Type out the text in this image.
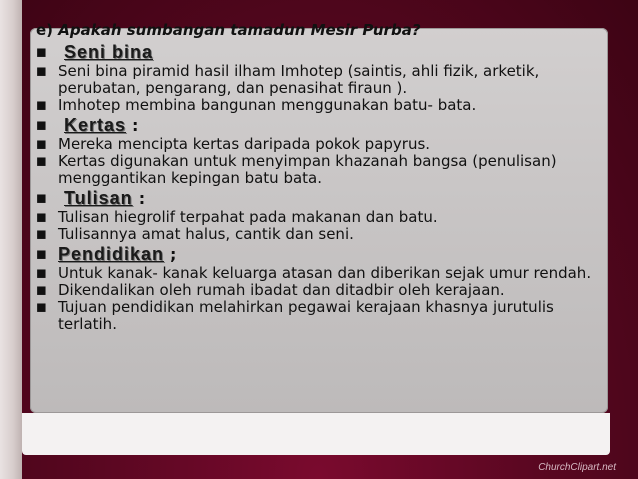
ChurchClipart.net
e) Apakah sumbangan tamadun Mesir Purba?
◼ Seni bina
◼ Seni bina piramid hasil ilham Imhotep (saintis, ahli fizik, arketik, perubatan, pengarang, dan penasihat firaun ).
◼ Imhotep membina bangunan menggunakan batu- bata.
◼ Kertas :
◼ Mereka mencipta kertas daripada pokok papyrus.
◼ Kertas digunakan untuk menyimpan khazanah bangsa (penulisan) menggantikan kepingan batu bata.
◼ Tulisan :
◼ Tulisan hiegrolif terpahat pada makanan dan batu.
◼ Tulisannya amat halus, cantik dan seni.
◼ Pendidikan ;
◼ Untuk kanak- kanak keluarga atasan dan diberikan sejak umur rendah.
◼ Dikendalikan oleh rumah ibadat dan ditadbir oleh kerajaan.
◼ Tujuan pendidikan melahirkan pegawai kerajaan khasnya jurutulis terlatih.
